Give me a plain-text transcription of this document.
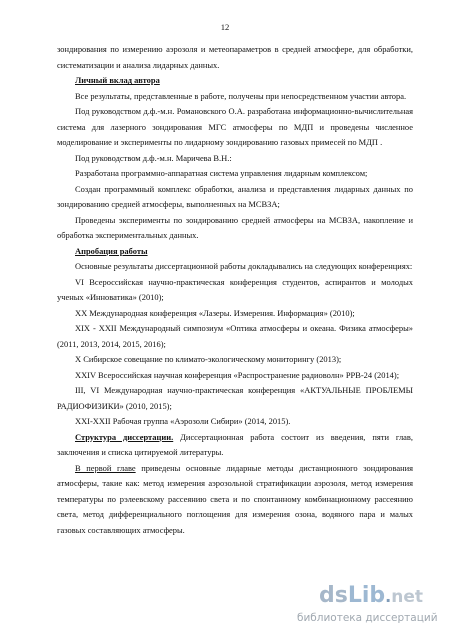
12

зондирования по измерению аэрозоля и метеопараметров в средней атмосфере, для обработки, систематизации и анализа лидарных данных.

Личный вклад автора

Все результаты, представленные в работе, получены при непосредственном участии автора.

Под руководством д.ф.-м.н. Романовского О.А. разработана информационно-вычислительная система для лазерного зондирования МГС атмосферы по МДП и проведены численное моделирование и эксперименты по лидарному зондированию газовых примесей по МДП .

Под руководством д.ф.-м.н. Маричева В.Н.:

Разработана программно-аппаратная система управления лидарным комплексом;

Создан программный комплекс обработки, анализа и представления лидарных данных по зондированию средней атмосферы, выполненных на МСВЗА;

Проведены эксперименты по зондированию средней атмосферы на МСВЗА, накопление и обработка экспериментальных данных.

Апробация работы

Основные результаты диссертационной работы докладывались на следующих конференциях:

VI Всероссийская научно-практическая конференция студентов, аспирантов и молодых ученых «Инноватика» (2010);

XX Международная конференция «Лазеры. Измерения. Информация» (2010);

XIX - XXII Международный симпозиум «Оптика атмосферы и океана. Физика атмосферы» (2011, 2013, 2014, 2015, 2016);

X Сибирское совещание по климато-экологическому мониторингу (2013);

XXIV Всероссийская научная конференция «Распространение радиоволн» РРВ-24 (2014);

III, VI Международная научно-практическая конференция «АКТУАЛЬНЫЕ ПРОБЛЕМЫ РАДИОФИЗИКИ» (2010, 2015);

XXI-XXII Рабочая группа «Аэрозоли Сибири» (2014, 2015).

Структура диссертации. Диссертационная работа состоит из введения, пяти глав, заключения и списка цитируемой литературы.

В первой главе приведены основные лидарные методы дистанционного зондирования атмосферы, такие как: метод измерения аэрозольной стратификации аэрозоля, метод измерения температуры по рэлеевскому рассеянию света и по спонтанному комбинационному рассеянию света, метод дифференциального поглощения для измерения озона, водяного пара и малых газовых составляющих атмосферы.

dsLib.net
библиотека диссертаций
